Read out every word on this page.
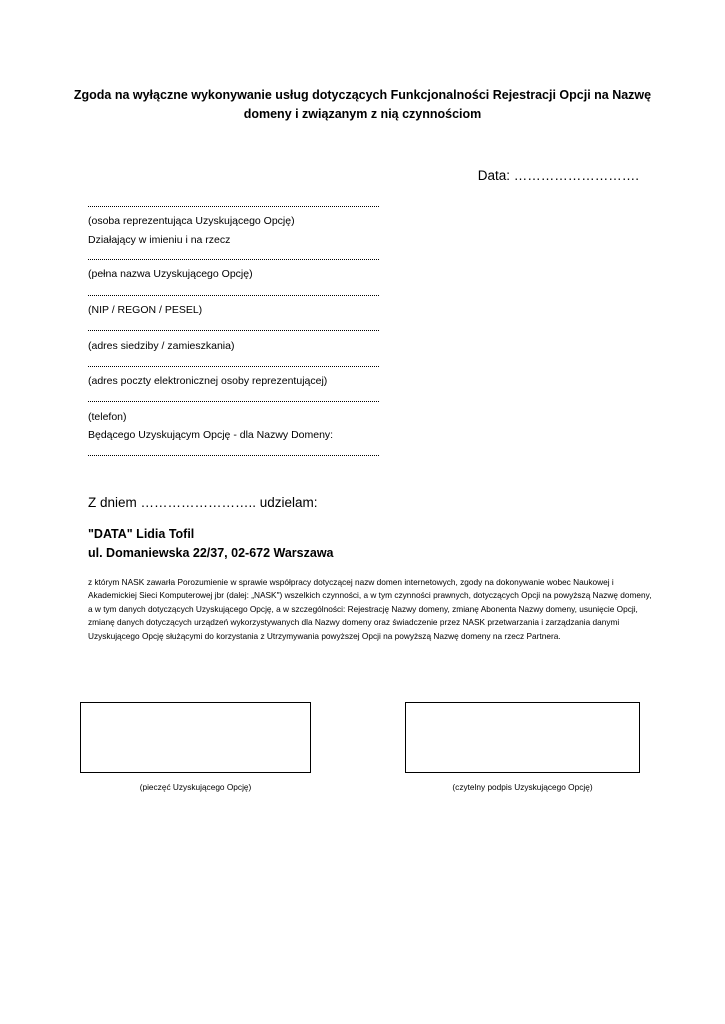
Zgoda na wyłączne wykonywanie usług dotyczących Funkcjonalności Rejestracji Opcji na Nazwę
domeny i związanym z nią czynnościom
Data: ……………………….
(osoba reprezentująca Uzyskującego Opcję)
Działający w imieniu i na rzecz
(pełna nazwa Uzyskującego Opcję)
(NIP / REGON / PESEL)
(adres siedziby / zamieszkania)
(adres poczty elektronicznej osoby reprezentującej)
(telefon)
Będącego Uzyskującym Opcję - dla Nazwy Domeny:
Z dniem …………………….. udzielam:
"DATA" Lidia Tofil
ul. Domaniewska 22/37, 02-672 Warszawa
z którym NASK zawarła Porozumienie w sprawie współpracy dotyczącej nazw domen internetowych, zgody na dokonywanie wobec Naukowej i Akademickiej Sieci Komputerowej jbr (dalej: „NASK") wszelkich czynności, a w tym czynności prawnych, dotyczących Opcji na powyższą Nazwę domeny, a w tym danych dotyczących Uzyskującego Opcję, a w szczególności: Rejestrację Nazwy domeny, zmianę Abonenta Nazwy domeny, usunięcie Opcji, zmianę danych dotyczących urządzeń wykorzystywanych dla Nazwy domeny oraz świadczenie przez NASK przetwarzania i zarządzania danymi Uzyskującego Opcję służącymi do korzystania z Utrzymywania powyższej Opcji na powyższą Nazwę domeny na rzecz Partnera.
(pieczęć Uzyskującego Opcję)	(czytelny podpis Uzyskującego Opcję)
